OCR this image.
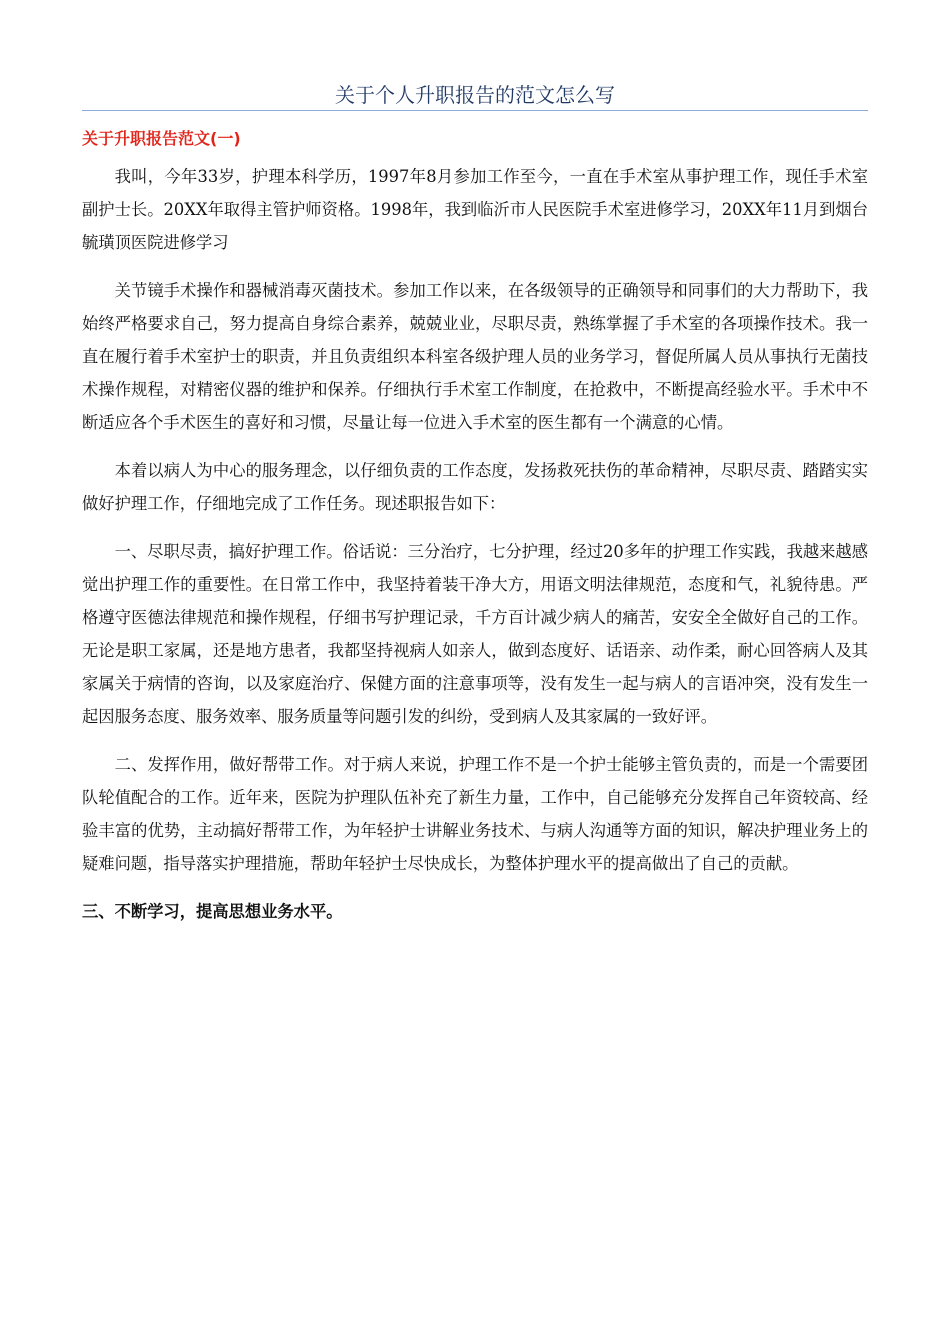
关于个人升职报告的范文怎么写
关于升职报告范文(一)

我叫，今年33岁，护理本科学历，1997年8月参加工作至今，一直在手术室从事护理工作，现任手术室副护士长。20XX年取得主管护师资格。1998年，我到临沂市人民医院手术室进修学习，20XX年11月到烟台毓璜顶医院进修学习

关节镜手术操作和器械消毒灭菌技术。参加工作以来，在各级领导的正确领导和同事们的大力帮助下，我始终严格要求自己，努力提高自身综合素养，兢兢业业，尽职尽责，熟练掌握了手术室的各项操作技术。我一直在履行着手术室护士的职责，并且负责组织本科室各级护理人员的业务学习，督促所属人员从事执行无菌技术操作规程，对精密仪器的维护和保养。仔细执行手术室工作制度，在抢救中，不断提高经验水平。手术中不断适应各个手术医生的喜好和习惯，尽量让每一位进入手术室的医生都有一个满意的心情。

本着以病人为中心的服务理念，以仔细负责的工作态度，发扬救死扶伤的革命精神，尽职尽责、踏踏实实做好护理工作，仔细地完成了工作任务。现述职报告如下：

一、尽职尽责，搞好护理工作。俗话说：三分治疗，七分护理，经过20多年的护理工作实践，我越来越感觉出护理工作的重要性。在日常工作中，我坚持着装干净大方，用语文明法律规范，态度和气，礼貌待患。严格遵守医德法律规范和操作规程，仔细书写护理记录，千方百计减少病人的痛苦，安安全全做好自己的工作。无论是职工家属，还是地方患者，我都坚持视病人如亲人，做到态度好、话语亲、动作柔，耐心回答病人及其家属关于病情的咨询，以及家庭治疗、保健方面的注意事项等，没有发生一起与病人的言语冲突，没有发生一起因服务态度、服务效率、服务质量等问题引发的纠纷，受到病人及其家属的一致好评。

二、发挥作用，做好帮带工作。对于病人来说，护理工作不是一个护士能够主管负责的，而是一个需要团队轮值配合的工作。近年来，医院为护理队伍补充了新生力量，工作中，自己能够充分发挥自己年资较高、经验丰富的优势，主动搞好帮带工作，为年轻护士讲解业务技术、与病人沟通等方面的知识，解决护理业务上的疑难问题，指导落实护理措施，帮助年轻护士尽快成长，为整体护理水平的提高做出了自己的贡献。

三、不断学习，提高思想业务水平。
